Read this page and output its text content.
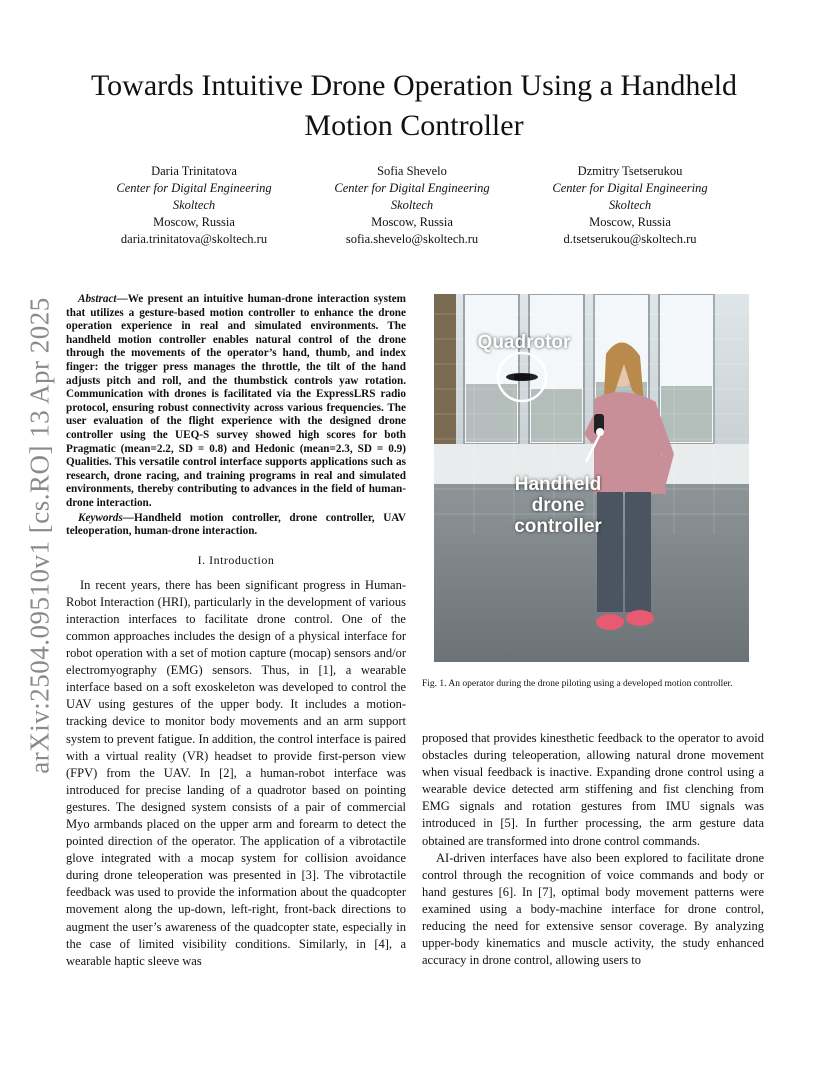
arXiv:2504.09510v1 [cs.RO] 13 Apr 2025
Towards Intuitive Drone Operation Using a Handheld Motion Controller
Daria Trinitatova
Center for Digital Engineering
Skoltech
Moscow, Russia
daria.trinitatova@skoltech.ru
Sofia Shevelo
Center for Digital Engineering
Skoltech
Moscow, Russia
sofia.shevelo@skoltech.ru
Dzmitry Tsetserukou
Center for Digital Engineering
Skoltech
Moscow, Russia
d.tsetserukou@skoltech.ru

Abstract—We present an intuitive human-drone interaction system that utilizes a gesture-based motion controller to enhance the drone operation experience in real and simulated environments. The handheld motion controller enables natural control of the drone through the movements of the operator’s hand, thumb, and index finger: the trigger press manages the throttle, the tilt of the hand adjusts pitch and roll, and the thumbstick controls yaw rotation. Communication with drones is facilitated via the ExpressLRS radio protocol, ensuring robust connectivity across various frequencies. The user evaluation of the flight experience with the designed drone controller using the UEQ-S survey showed high scores for both Pragmatic (mean=2.2, SD = 0.8) and Hedonic (mean=2.3, SD = 0.9) Qualities. This versatile control interface supports applications such as research, drone racing, and training programs in real and simulated environments, thereby contributing to advances in the field of human-drone interaction.

Keywords—Handheld motion controller, drone controller, UAV teleoperation, human-drone interaction.

I. Introduction

In recent years, there has been significant progress in Human-Robot Interaction (HRI), particularly in the development of various interaction interfaces to facilitate drone control. One of the common approaches includes the design of a physical interface for robot operation with a set of motion capture (mocap) sensors and/or electromyography (EMG) sensors. Thus, in [1], a wearable interface based on a soft exoskeleton was developed to control the UAV using gestures of the upper body. It includes a motion-tracking device to monitor body movements and an arm support system to prevent fatigue. In addition, the control interface is paired with a virtual reality (VR) headset to provide first-person view (FPV) from the UAV. In [2], a human-robot interface was introduced for precise landing of a quadrotor based on pointing gestures. The designed system consists of a pair of commercial Myo armbands placed on the upper arm and forearm to detect the pointed direction of the operator. The application of a vibrotactile glove integrated with a mocap system for collision avoidance during drone teleoperation was presented in [3]. The vibrotactile feedback was used to provide the information about the quadcopter movement along the up-down, left-right, front-back directions to augment the user’s awareness of the quadcopter state, especially in the case of limited visibility conditions. Similarly, in [4], a wearable haptic sleeve was

Quadrotor
Handheld drone controller
Fig. 1. An operator during the drone piloting using a developed motion controller.

proposed that provides kinesthetic feedback to the operator to avoid obstacles during teleoperation, allowing natural drone movement when visual feedback is inactive. Expanding drone control using a wearable device detected arm stiffening and fist clenching from EMG signals and rotation gestures from IMU signals was introduced in [5]. In further processing, the arm gesture data obtained are transformed into drone control commands.

AI-driven interfaces have also been explored to facilitate drone control through the recognition of voice commands and body or hand gestures [6]. In [7], optimal body movement patterns were examined using a body-machine interface for drone control, reducing the need for extensive sensor coverage. By analyzing upper-body kinematics and muscle activity, the study enhanced accuracy in drone control, allowing users to
